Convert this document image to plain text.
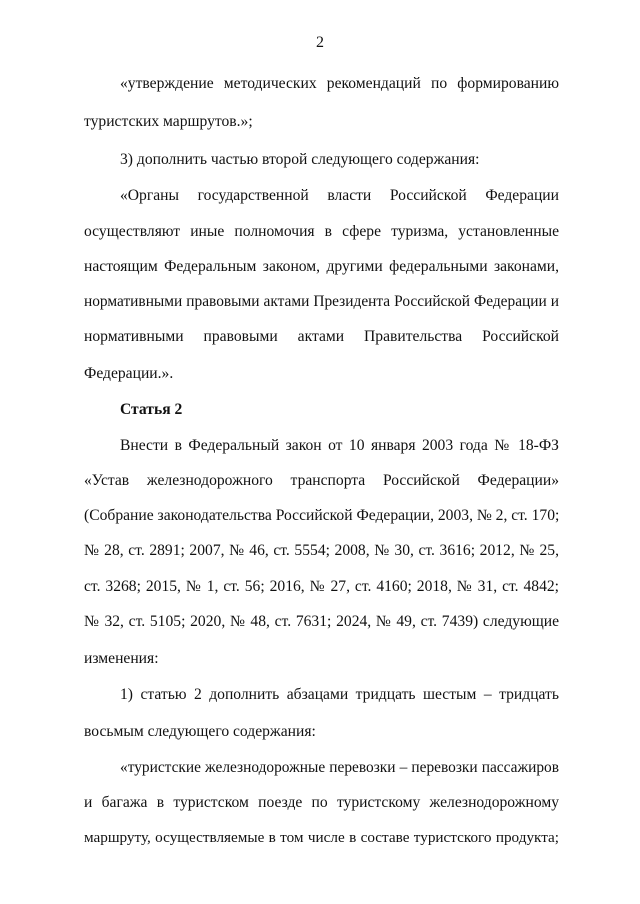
2
«утверждение методических рекомендаций по формированию
туристских маршрутов.»;
3) дополнить частью второй следующего содержания:
«Органы государственной власти Российской Федерации
осуществляют иные полномочия в сфере туризма, установленные
настоящим Федеральным законом, другими федеральными законами,
нормативными правовыми актами Президента Российской Федерации и
нормативными правовыми актами Правительства Российской
Федерации.».
Статья 2
Внести в Федеральный закон от 10 января 2003 года № 18-ФЗ
«Устав железнодорожного транспорта Российской Федерации»
(Собрание законодательства Российской Федерации, 2003, № 2, ст. 170;
№ 28, ст. 2891; 2007, № 46, ст. 5554; 2008, № 30, ст. 3616; 2012, № 25,
ст. 3268; 2015, № 1, ст. 56; 2016, № 27, ст. 4160; 2018, № 31, ст. 4842;
№ 32, ст. 5105; 2020, № 48, ст. 7631; 2024, № 49, ст. 7439) следующие
изменения:
1) статью 2 дополнить абзацами тридцать шестым – тридцать
восьмым следующего содержания:
«туристские железнодорожные перевозки – перевозки пассажиров
и багажа в туристском поезде по туристскому железнодорожному
маршруту, осуществляемые в том числе в составе туристского продукта;
